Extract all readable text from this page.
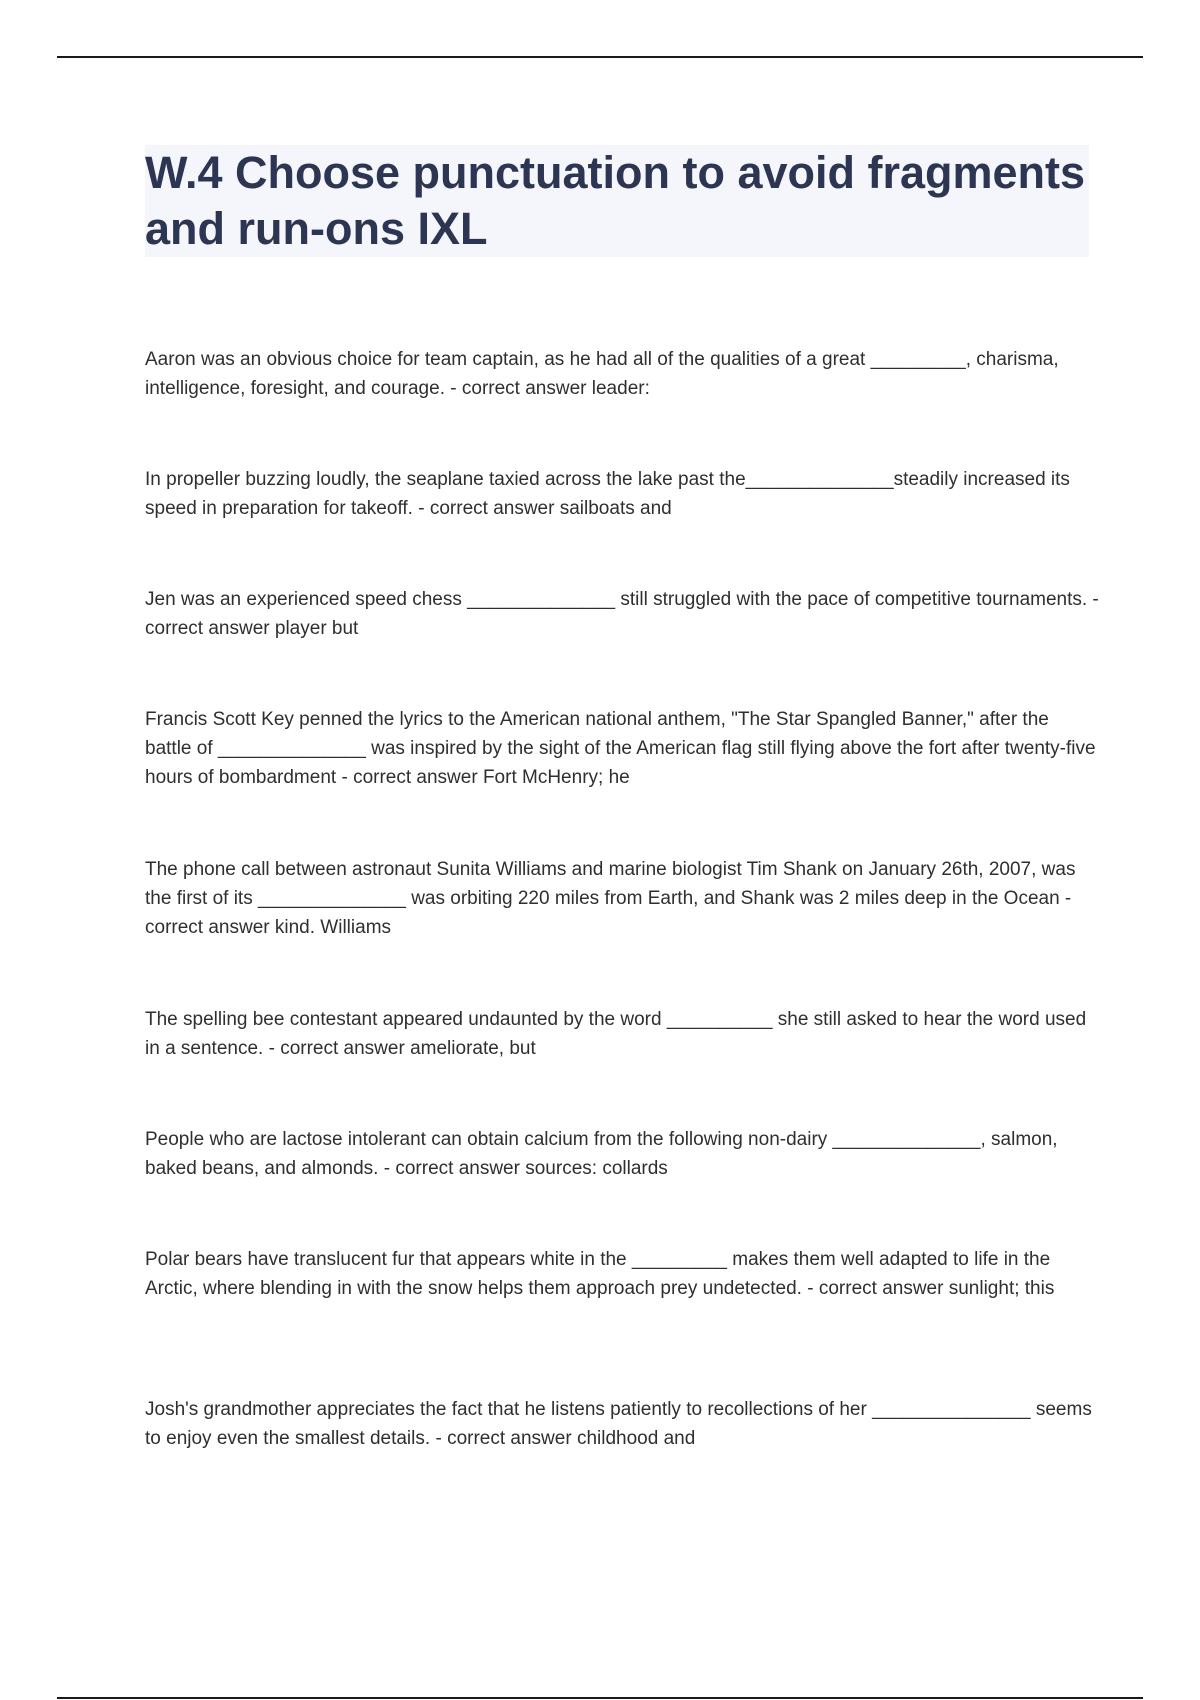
W.4 Choose punctuation to avoid fragments and run-ons IXL

Aaron was an obvious choice for team captain, as he had all of the qualities of a great _________, charisma, intelligence, foresight, and courage. - correct answer leader:

In propeller buzzing loudly, the seaplane taxied across the lake past the______________steadily increased its speed in preparation for takeoff. - correct answer sailboats and

Jen was an experienced speed chess ______________ still struggled with the pace of competitive tournaments. - correct answer player but

Francis Scott Key penned the lyrics to the American national anthem, "The Star Spangled Banner," after the battle of ______________ was inspired by the sight of the American flag still flying above the fort after twenty-five hours of bombardment - correct answer Fort McHenry; he

The phone call between astronaut Sunita Williams and marine biologist Tim Shank on January 26th, 2007, was the first of its ______________ was orbiting 220 miles from Earth, and Shank was 2 miles deep in the Ocean - correct answer kind. Williams

The spelling bee contestant appeared undaunted by the word __________ she still asked to hear the word used in a sentence. - correct answer ameliorate, but

People who are lactose intolerant can obtain calcium from the following non-dairy ______________, salmon, baked beans, and almonds. - correct answer sources: collards

Polar bears have translucent fur that appears white in the _________ makes them well adapted to life in the Arctic, where blending in with the snow helps them approach prey undetected. - correct answer sunlight; this

Josh's grandmother appreciates the fact that he listens patiently to recollections of her _______________ seems to enjoy even the smallest details. - correct answer childhood and
